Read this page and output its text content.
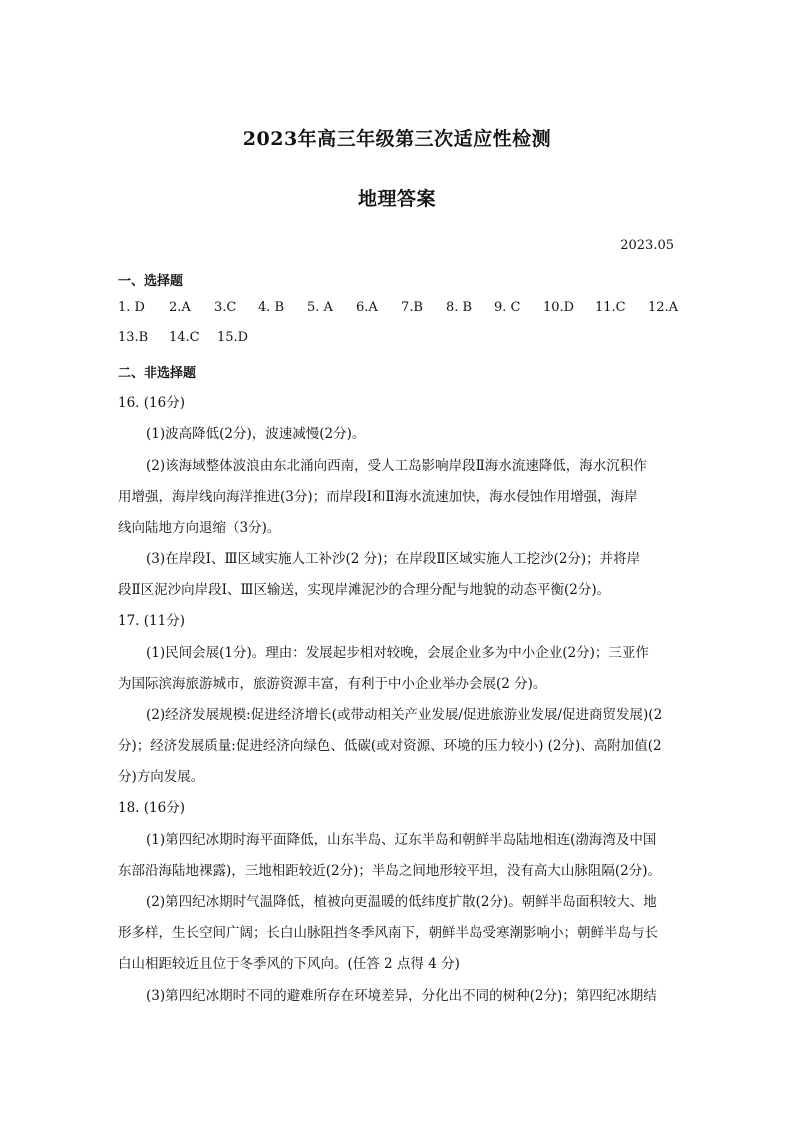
2023年高三年级第三次适应性检测
地理答案
2023.05
一、选择题
1. D 2.A 3.C 4. B 5. A 6.A 7.B 8. B 9. C 10.D 11.C 12.A
13.B 14.C 15.D
二、非选择题
16. (16分)
(1)波高降低(2分)，波速减慢(2分)。
(2)该海域整体波浪由东北涌向西南，受人工岛影响岸段Ⅱ海水流速降低，海水沉积作
用增强，海岸线向海洋推进(3分)；而岸段Ⅰ和Ⅱ海水流速加快，海水侵蚀作用增强，海岸
线向陆地方向退缩（3分)。
(3)在岸段Ⅰ、Ⅲ区域实施人工补沙(2 分)；在岸段Ⅱ区域实施人工挖沙(2分)；并将岸
段Ⅱ区泥沙向岸段Ⅰ、Ⅲ区输送，实现岸滩泥沙的合理分配与地貌的动态平衡(2分)。
17. (11分)
(1)民间会展(1分)。理由：发展起步相对较晚，会展企业多为中小企业(2分)；三亚作
为国际滨海旅游城市，旅游资源丰富，有利于中小企业举办会展(2 分)。
(2)经济发展规模:促进经济增长(或带动相关产业发展/促进旅游业发展/促进商贸发展)(2
分)；经济发展质量:促进经济向绿色、低碳(或对资源、环境的压力较小) (2分)、高附加值(2
分)方向发展。
18. (16分)
(1)第四纪冰期时海平面降低，山东半岛、辽东半岛和朝鲜半岛陆地相连(渤海湾及中国
东部沿海陆地裸露)，三地相距较近(2分)；半岛之间地形较平坦，没有高大山脉阻隔(2分)。
(2)第四纪冰期时气温降低，植被向更温暖的低纬度扩散(2分)。朝鲜半岛面积较大、地
形多样，生长空间广阔；长白山脉阻挡冬季风南下，朝鲜半岛受寒潮影响小；朝鲜半岛与长
白山相距较近且位于冬季风的下风向。(任答 2 点得 4 分)
(3)第四纪冰期时不同的避难所存在环境差异，分化出不同的树种(2分)；第四纪冰期结
